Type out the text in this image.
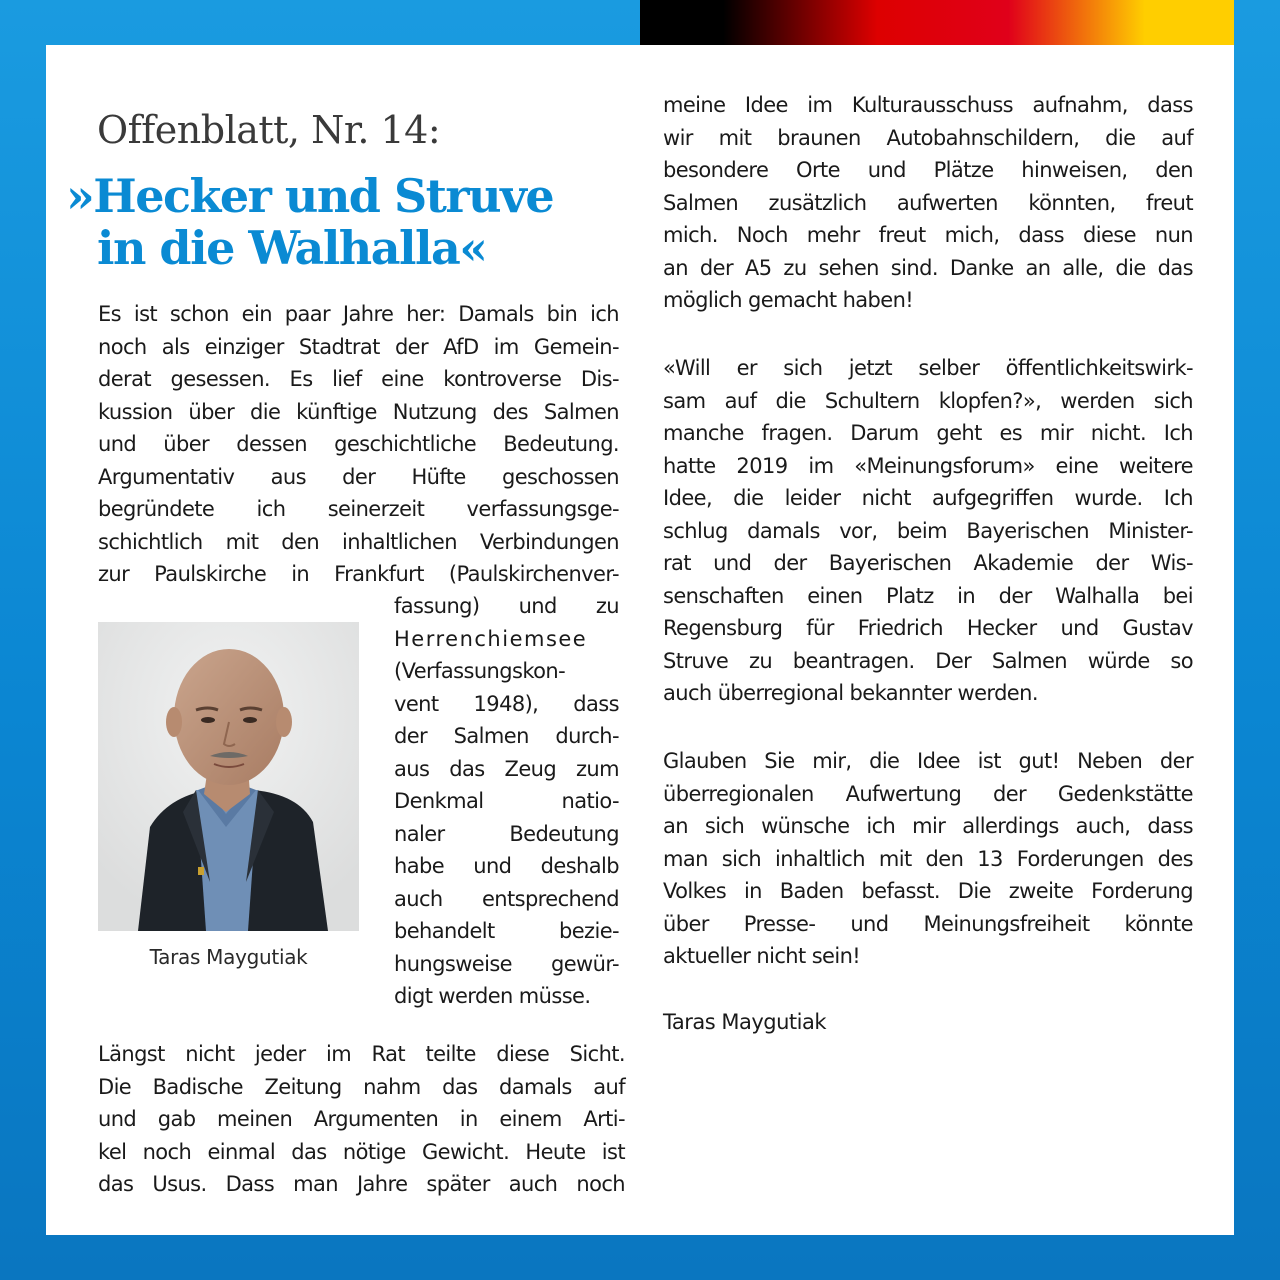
Offenblatt, Nr. 14:
»Hecker und Struve
in die Walhalla«
Es ist schon ein paar Jahre her: Damals bin ich
noch als einziger Stadtrat der AfD im Gemein-
derat gesessen. Es lief eine kontroverse Dis-
kussion über die künftige Nutzung des Salmen
und über dessen geschichtliche Bedeutung.
Argumentativ aus der Hüfte geschossen
begründete ich seinerzeit verfassungsge-
schichtlich mit den inhaltlichen Verbindungen
zur Paulskirche in Frankfurt (Paulskirchenver-
fassung) und zu
Herrenchiemsee
(Verfassungskon-
vent 1948), dass
der Salmen durch-
aus das Zeug zum
Denkmal natio-
naler Bedeutung
habe und deshalb
auch entsprechend
behandelt bezie-
hungsweise gewür-
digt werden müsse.

Taras Maygutiak

Längst nicht jeder im Rat teilte diese Sicht.
Die Badische Zeitung nahm das damals auf
und gab meinen Argumenten in einem Arti-
kel noch einmal das nötige Gewicht. Heute ist
das Usus. Dass man Jahre später auch noch
meine Idee im Kulturausschuss aufnahm, dass
wir mit braunen Autobahnschildern, die auf
besondere Orte und Plätze hinweisen, den
Salmen zusätzlich aufwerten könnten, freut
mich. Noch mehr freut mich, dass diese nun
an der A5 zu sehen sind. Danke an alle, die das
möglich gemacht haben!
«Will er sich jetzt selber öffentlichkeitswirk-
sam auf die Schultern klopfen?», werden sich
manche fragen. Darum geht es mir nicht. Ich
hatte 2019 im «Meinungsforum» eine weitere
Idee, die leider nicht aufgegriffen wurde. Ich
schlug damals vor, beim Bayerischen Minister-
rat und der Bayerischen Akademie der Wis-
senschaften einen Platz in der Walhalla bei
Regensburg für Friedrich Hecker und Gustav
Struve zu beantragen. Der Salmen würde so
auch überregional bekannter werden.
Glauben Sie mir, die Idee ist gut! Neben der
überregionalen Aufwertung der Gedenkstätte
an sich wünsche ich mir allerdings auch, dass
man sich inhaltlich mit den 13 Forderungen des
Volkes in Baden befasst. Die zweite Forderung
über Presse- und Meinungsfreiheit könnte
aktueller nicht sein!

Taras Maygutiak
